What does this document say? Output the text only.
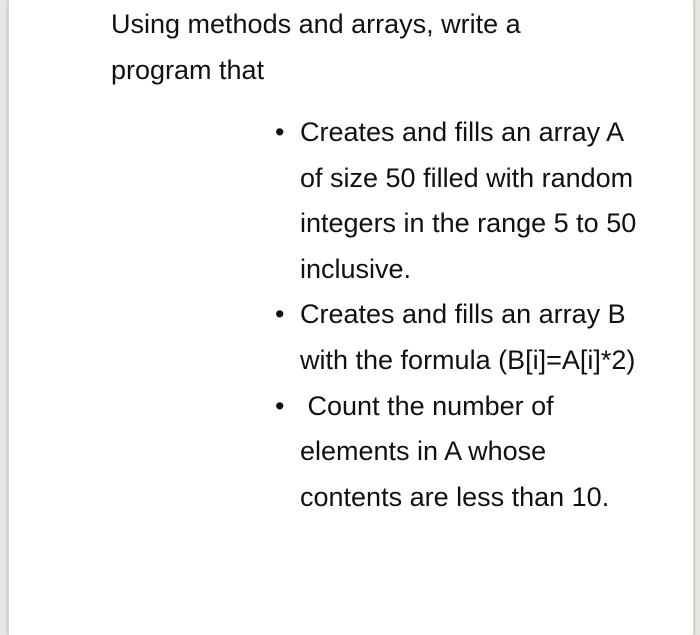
Using methods and arrays, write a
program that

• Creates and fills an array A of size 50 filled with random integers in the range 5 to 50 inclusive.
• Creates and fills an array B with the formula (B[i]=A[i]*2)
• Count the number of elements in A whose contents are less than 10.
